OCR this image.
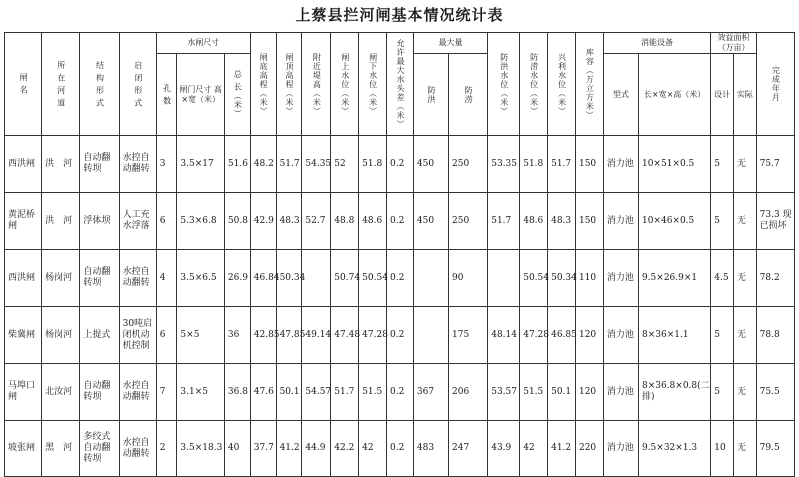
上蔡县拦河闸基本情况统计表
闸 名	所 在 河 道	结 构 形 式	启 闭 形 式	水闸尺寸			闸底高程（米）	闸顶高程（米）	附近堤高（米）	闸上水位（米）	闸下水位（米）	允许最大水头差（米）	最大量		防洪水位（米）	防涝水位（米）	兴利水位（米）	库容（万立方米）	消能设备		效益面积（万亩）		完成年月
				孔 数	闸门尺寸 高×宽（米）	总 长（米）							防洪	防涝					型式	长×宽×高（米）	设计	实际	
西洪闸	洪　河	自动翻转坝	水控自动翻转	3	3.5×17	51.6	48.2	51.7	54.35	52	51.8	0.2	450	250	53.35	51.8	51.7	150	消力池	10×51×0.5	5	无	75.7
黄泥桥闸	洪　河	浮体坝	人工充水浮落	6	5.3×6.8	50.8	42.9	48.3	52.7	48.8	48.6	0.2	450	250	51.7	48.6	48.3	150	消力池	10×46×0.5	5	无	73.3 现已损坏
西洪闸	杨岗河	自动翻转坝	水控自动翻转	4	3.5×6.5	26.9	46.84	50.34		50.74	50.54	0.2		90		50.54	50.34	110	消力池	9.5×26.9×1	4.5	无	78.2
柴冀闸	杨岗河	上提式	30吨启闭机动机控制	6	5×5	36	42.85	47.85	49.14	47.48	47.28	0.2		175	48.14	47.28	46.85	120	消力池	8×36×1.1	5	无	78.8
马埠口闸	北汝河	自动翻转坝	水控自动翻转	7	3.1×5	36.8	47.6	50.1	54.57	51.7	51.5	0.2	367	206	53.57	51.5	50.1	120	消力池	8×36.8×0.8(二排)	5	无	75.5
坡张闸	黑　河	多绞式自动翻转坝	水控自动翻转	2	3.5×18.3	40	37.7	41.2	44.9	42.2	42	0.2	483	247	43.9	42	41.2	220	消力池	9.5×32×1.3	10	无	79.5
